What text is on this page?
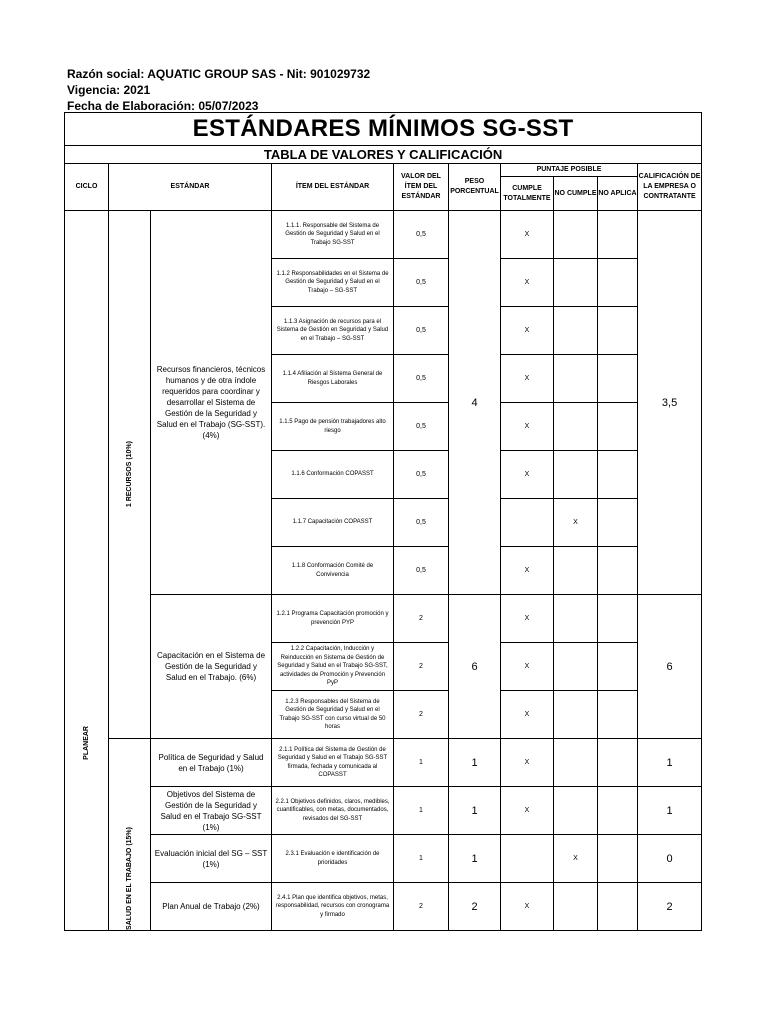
Razón social: AQUATIC GROUP SAS - Nit: 901029732
Vigencia: 2021
Fecha de Elaboración: 05/07/2023
ESTÁNDARES MÍNIMOS SG-SST									
TABLA DE VALORES Y CALIFICACIÓN									
CICLO	ESTÁNDAR		ÍTEM DEL ESTÁNDAR	VALOR DEL ÍTEM DEL ESTÁNDAR	PESO PORCENTUAL	PUNTAJE POSIBLE			CALIFICACIÓN DE LA EMPRESA O CONTRATANTE
						CUMPLE TOTALMENTE	NO CUMPLE	NO APLICA	

PLANEAR	1 RECURSOS (10%)	Recursos financieros, técnicos humanos y de otra índole requeridos para coordinar y desarrollar el Sistema de Gestión de la Seguridad y Salud en el Trabajo (SG-SST). (4%)	1.1.1. Responsable del Sistema de Gestión de Seguridad y Salud en el Trabajo SG-SST	0,5	4	X			3,5
			1.1.2 Responsabilidades en el Sistema de Gestión de Seguridad y Salud en el Trabajo – SG-SST	0,5		X			
			1.1.3 Asignación de recursos para el Sistema de Gestión en Seguridad y Salud en el Trabajo – SG-SST	0,5		X			
			1.1.4 Afiliación al Sistema General de Riesgos Laborales	0,5		X			
			1.1.5 Pago de pensión trabajadores alto riesgo	0,5		X			
			1.1.6 Conformación COPASST	0,5		X			
			1.1.7 Capacitación COPASST	0,5			X		
			1.1.8 Conformación Comité de Convivencia	0,5		X			
		Capacitación en el Sistema de Gestión de la Seguridad y Salud en el Trabajo. (6%)	1.2.1 Programa Capacitación promoción y prevención PYP	2	6	X			6
			1.2.2 Capacitación, Inducción y Reinducción en Sistema de Gestión de Seguridad y Salud en el Trabajo SG-SST, actividades de Promoción y Prevención PyP	2		X			
			1.2.3 Responsables del Sistema de Gestión de Seguridad y Salud en el Trabajo SG-SST con curso virtual de 50 horas	2		X			

	SALUD EN EL TRABAJO (15%)	Política de Seguridad y Salud en el Trabajo (1%)	2.1.1 Política del Sistema de Gestión de Seguridad y Salud en el Trabajo SG-SST firmada, fechada y comunicada al COPASST	1	1	X			1
		Objetivos del Sistema de Gestión de la Seguridad y Salud en el Trabajo SG-SST (1%)	2.2.1 Objetivos definidos, claros, medibles, cuantificables, con metas, documentados, revisados del SG-SST	1	1	X			1
		Evaluación inicial del SG – SST (1%)	2.3.1 Evaluación e identificación de prioridades	1	1		X		0
		Plan Anual de Trabajo (2%)	2.4.1 Plan que identifica objetivos, metas, responsabilidad, recursos con cronograma y firmado	2	2	X			2
